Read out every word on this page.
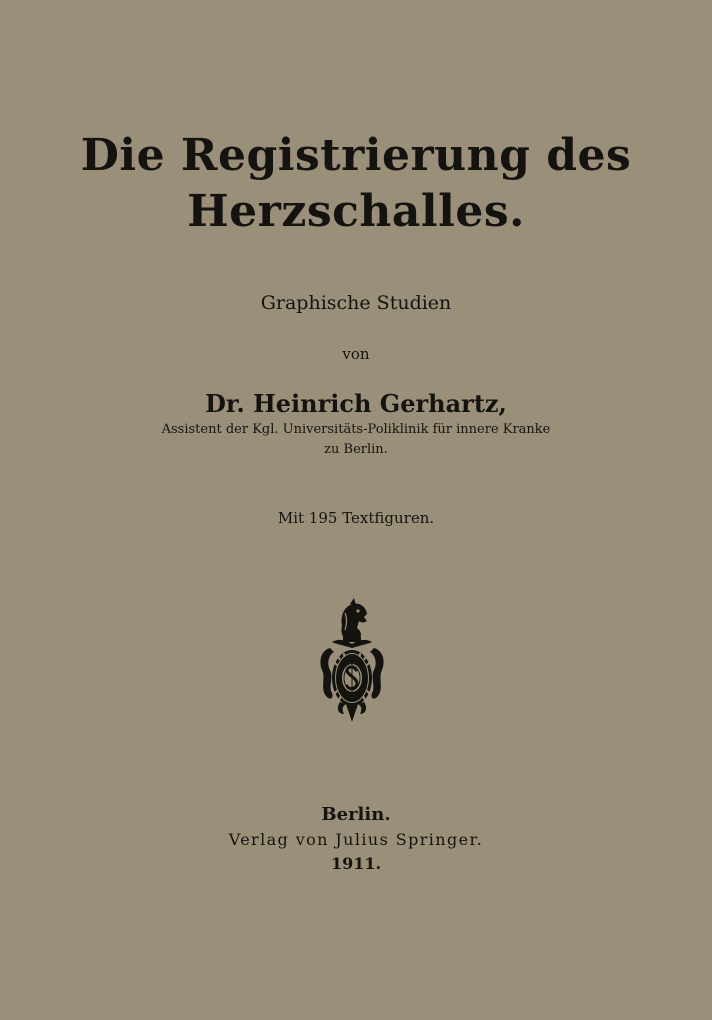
Die Registrierung des
Herzschalles.
Graphische Studien
von
Dr. Heinrich Gerhartz,
Assistent der Kgl. Universitäts-Poliklinik für innere Kranke
zu Berlin.
Mit 195 Textfiguren.
Berlin.
Verlag von Julius Springer.
1911.
